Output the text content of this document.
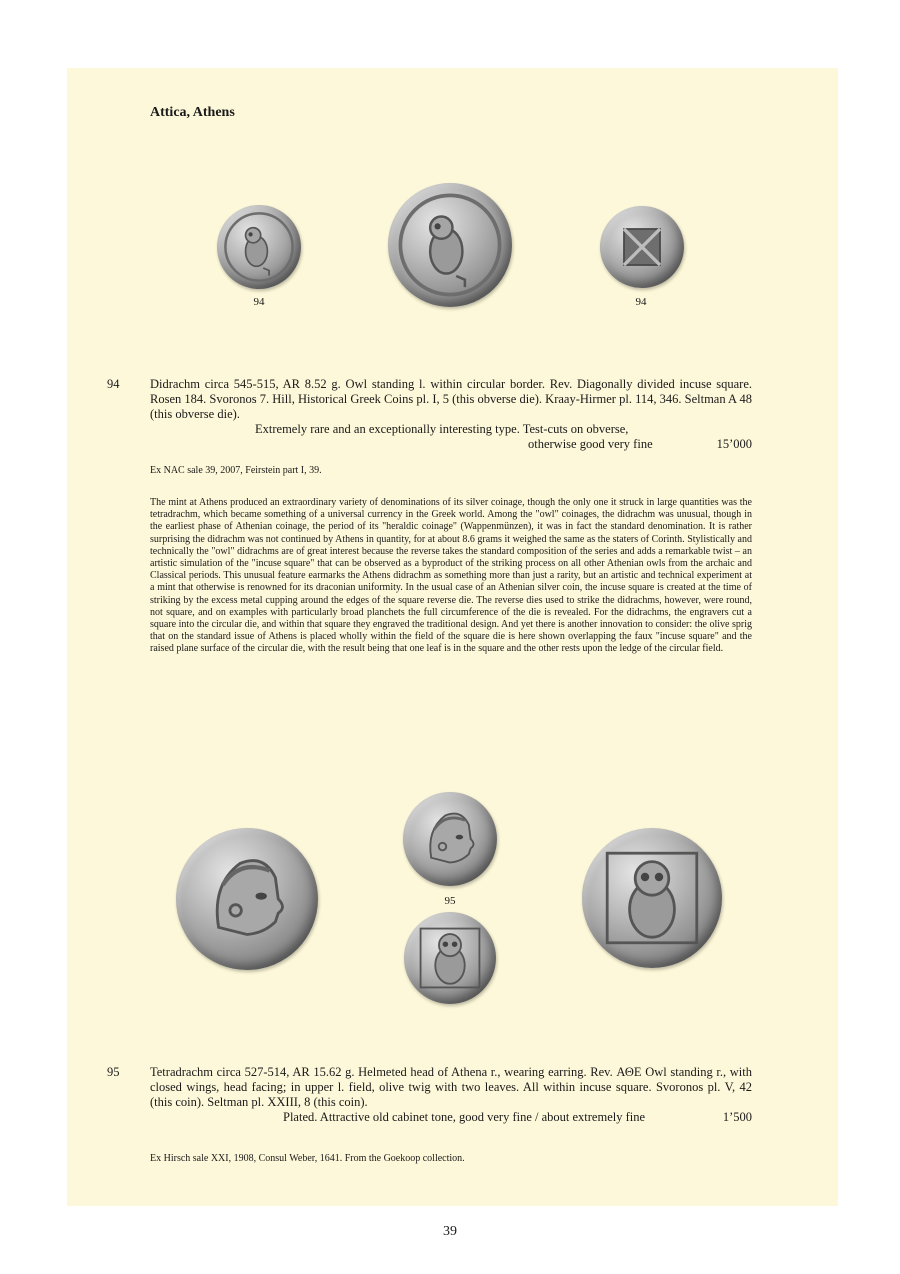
Attica, Athens
94	94
94 Didrachm circa 545-515, AR 8.52 g. Owl standing l. within circular border. Rev. Diagonally divided incuse square. Rosen 184. Svoronos 7. Hill, Historical Greek Coins pl. I, 5 (this obverse die). Kraay-Hirmer pl. 114, 346. Seltman A 48 (this obverse die).
Extremely rare and an exceptionally interesting type. Test-cuts on obverse,
otherwise good very fine	15’000
Ex NAC sale 39, 2007, Feirstein part I, 39.
The mint at Athens produced an extraordinary variety of denominations of its silver coinage, though the only one it struck in large quantities was the tetradrachm, which became something of a universal currency in the Greek world. Among the "owl" coinages, the didrachm was unusual, though in the earliest phase of Athenian coinage, the period of its "heraldic coinage" (Wappenmünzen), it was in fact the standard denomination. It is rather surprising the didrachm was not continued by Athens in quantity, for at about 8.6 grams it weighed the same as the staters of Corinth. Stylistically and technically the "owl" didrachms are of great interest because the reverse takes the standard composition of the series and adds a remarkable twist – an artistic simulation of the "incuse square" that can be observed as a byproduct of the striking process on all other Athenian owls from the archaic and Classical periods. This unusual feature earmarks the Athens didrachm as something more than just a rarity, but an artistic and technical experiment at a mint that otherwise is renowned for its draconian uniformity. In the usual case of an Athenian silver coin, the incuse square is created at the time of striking by the excess metal cupping around the edges of the square reverse die. The reverse dies used to strike the didrachms, however, were round, not square, and on examples with particularly broad planchets the full circumference of the die is revealed. For the didrachms, the engravers cut a square into the circular die, and within that square they engraved the traditional design. And yet there is another innovation to consider: the olive sprig that on the standard issue of Athens is placed wholly within the field of the square die is here shown overlapping the faux "incuse square" and the raised plane surface of the circular die, with the result being that one leaf is in the square and the other rests upon the ledge of the circular field.
95
95 Tetradrachm circa 527-514, AR 15.62 g. Helmeted head of Athena r., wearing earring. Rev. ΑΘΕ Owl standing r., with closed wings, head facing; in upper l. field, olive twig with two leaves. All within incuse square. Svoronos pl. V, 42 (this coin). Seltman pl. XXIII, 8 (this coin).
Plated. Attractive old cabinet tone, good very fine / about extremely fine	1’500
Ex Hirsch sale XXI, 1908, Consul Weber, 1641. From the Goekoop collection.
39
